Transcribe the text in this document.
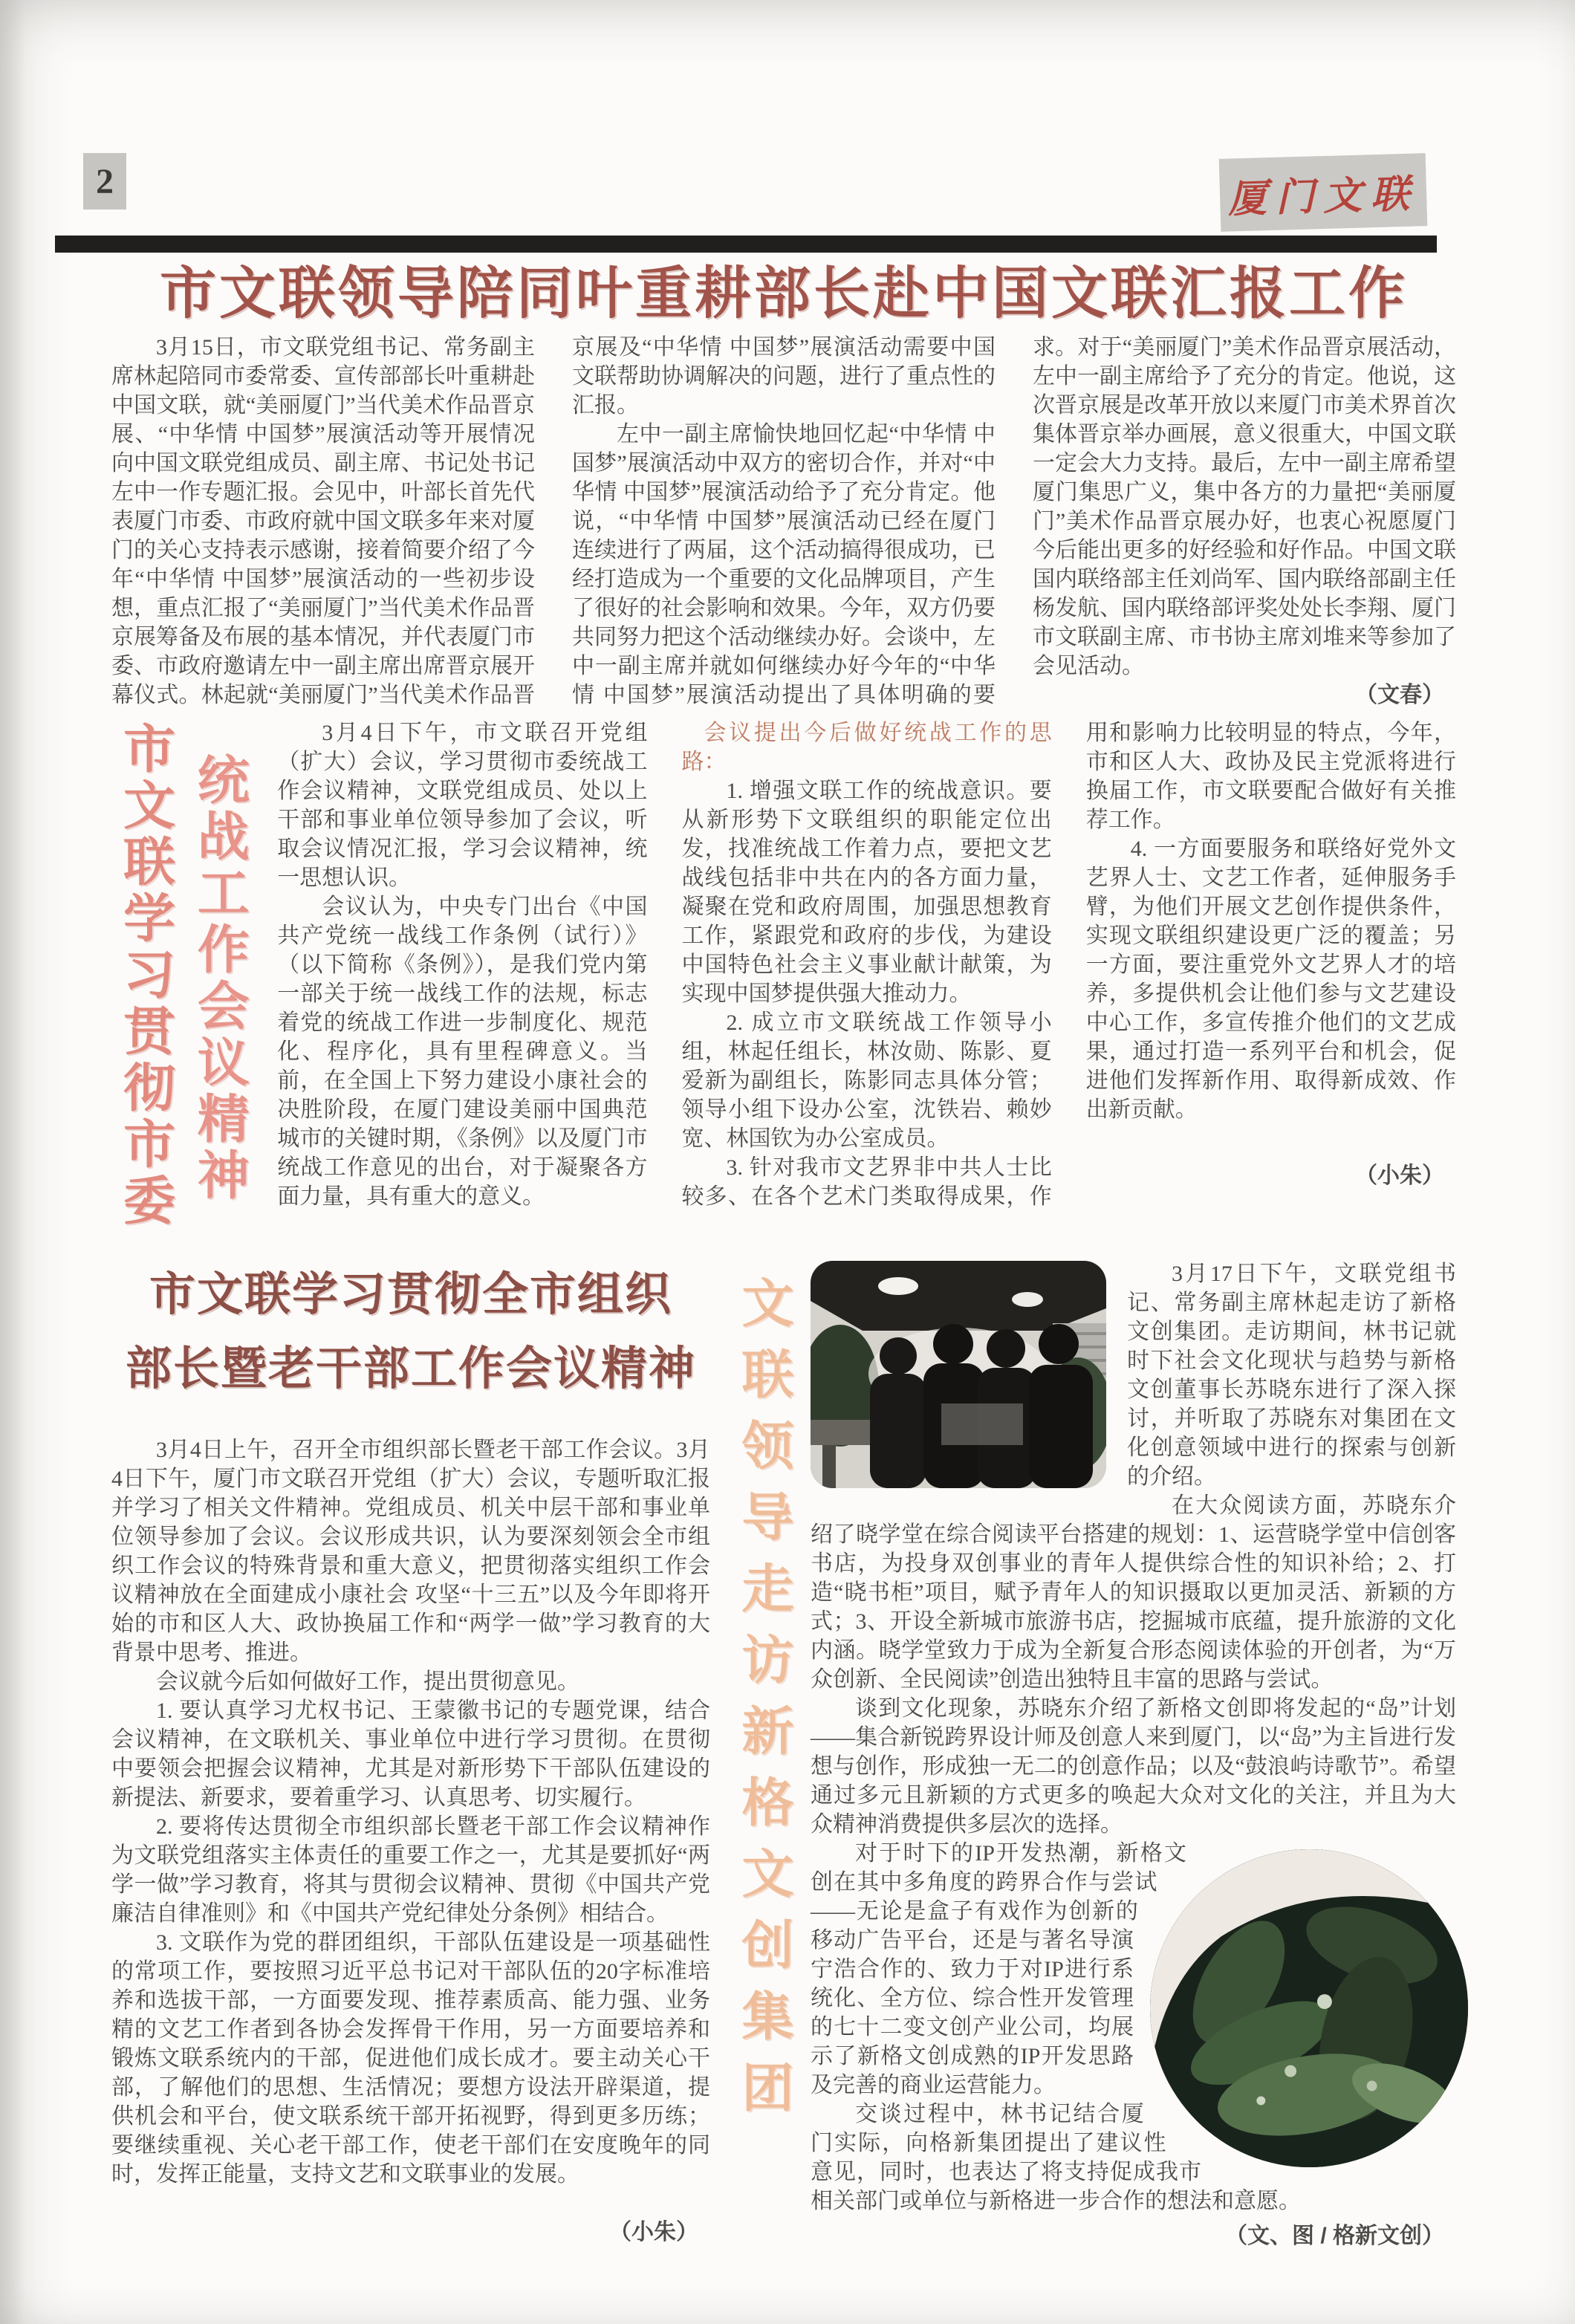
2	厦门文联
市文联领导陪同叶重耕部长赴中国文联汇报工作

3月15日，市文联党组书记、常务副主席林起陪同市委常委、宣传部部长叶重耕赴中国文联，就“美丽厦门”当代美术作品晋京展、“中华情 中国梦”展演活动等开展情况向中国文联党组成员、副主席、书记处书记左中一作专题汇报。会见中，叶部长首先代表厦门市委、市政府就中国文联多年来对厦门的关心支持表示感谢，接着简要介绍了今年“中华情 中国梦”展演活动的一些初步设想，重点汇报了“美丽厦门”当代美术作品晋京展筹备及布展的基本情况，并代表厦门市委、市政府邀请左中一副主席出席晋京展开幕仪式。林起就“美丽厦门”当代美术作品晋京展及“中华情 中国梦”展演活动需要中国文联帮助协调解决的问题，进行了重点性的汇报。

左中一副主席愉快地回忆起“中华情 中国梦”展演活动中双方的密切合作，并对“中华情 中国梦”展演活动给予了充分肯定。他说，“中华情 中国梦”展演活动已经在厦门连续进行了两届，这个活动搞得很成功，已经打造成为一个重要的文化品牌项目，产生了很好的社会影响和效果。今年，双方仍要共同努力把这个活动继续办好。会谈中，左中一副主席并就如何继续办好今年的“中华情 中国梦”展演活动提出了具体明确的要求。对于“美丽厦门”美术作品晋京展活动，左中一副主席给予了充分的肯定。他说，这次晋京展是改革开放以来厦门市美术界首次集体晋京举办画展，意义很重大，中国文联一定会大力支持。最后，左中一副主席希望厦门集思广义，集中各方的力量把“美丽厦门”美术作品晋京展办好，也衷心祝愿厦门今后能出更多的好经验和好作品。中国文联国内联络部主任刘尚军、国内联络部副主任杨发航、国内联络部评奖处处长李翔、厦门市文联副主席、市书协主席刘堆来等参加了会见活动。

（文春）

市文联学习贯彻市委 统战工作会议精神

3月4日下午，市文联召开党组（扩大）会议，学习贯彻市委统战工作会议精神，文联党组成员、处以上干部和事业单位领导参加了会议，听取会议情况汇报，学习会议精神，统一思想认识。

会议认为，中央专门出台《中国共产党统一战线工作条例（试行）》（以下简称《条例》），是我们党内第一部关于统一战线工作的法规，标志着党的统战工作进一步制度化、规范化、程序化，具有里程碑意义。当前，在全国上下努力建设小康社会的决胜阶段，在厦门建设美丽中国典范城市的关键时期，《条例》以及厦门市统战工作意见的出台，对于凝聚各方面力量，具有重大的意义。

会议提出今后做好统战工作的思路：

1. 增强文联工作的统战意识。要从新形势下文联组织的职能定位出发，找准统战工作着力点，要把文艺战线包括非中共在内的各方面力量，凝聚在党和政府周围，加强思想教育工作，紧跟党和政府的步伐，为建设中国特色社会主义事业献计献策，为实现中国梦提供强大推动力。

2. 成立市文联统战工作领导小组，林起任组长，林汝勋、陈影、夏爱新为副组长，陈影同志具体分管；领导小组下设办公室，沈铁岩、赖妙宽、林国钦为办公室成员。

3. 针对我市文艺界非中共人士比较多、在各个艺术门类取得成果，作用和影响力比较明显的特点，今年，市和区人大、政协及民主党派将进行换届工作，市文联要配合做好有关推荐工作。

4. 一方面要服务和联络好党外文艺界人士、文艺工作者，延伸服务手臂，为他们开展文艺创作提供条件，实现文联组织建设更广泛的覆盖；另一方面，要注重党外文艺界人才的培养，多提供机会让他们参与文艺建设中心工作，多宣传推介他们的文艺成果，通过打造一系列平台和机会，促进他们发挥新作用、取得新成效、作出新贡献。

（小朱）

市文联学习贯彻全市组织
部长暨老干部工作会议精神

3月4日上午，召开全市组织部长暨老干部工作会议。3月4日下午，厦门市文联召开党组（扩大）会议，专题听取汇报并学习了相关文件精神。党组成员、机关中层干部和事业单位领导参加了会议。会议形成共识，认为要深刻领会全市组织工作会议的特殊背景和重大意义，把贯彻落实组织工作会议精神放在全面建成小康社会 攻坚“十三五”以及今年即将开始的市和区人大、政协换届工作和“两学一做”学习教育的大背景中思考、推进。

会议就今后如何做好工作，提出贯彻意见。

1. 要认真学习尤权书记、王蒙徽书记的专题党课，结合会议精神，在文联机关、事业单位中进行学习贯彻。在贯彻中要领会把握会议精神，尤其是对新形势下干部队伍建设的新提法、新要求，要着重学习、认真思考、切实履行。

2. 要将传达贯彻全市组织部长暨老干部工作会议精神作为文联党组落实主体责任的重要工作之一，尤其是要抓好“两学一做”学习教育，将其与贯彻会议精神、贯彻《中国共产党廉洁自律准则》和《中国共产党纪律处分条例》相结合。

3. 文联作为党的群团组织，干部队伍建设是一项基础性的常项工作，要按照习近平总书记对干部队伍的20字标准培养和选拔干部，一方面要发现、推荐素质高、能力强、业务精的文艺工作者到各协会发挥骨干作用，另一方面要培养和锻炼文联系统内的干部，促进他们成长成才。要主动关心干部，了解他们的思想、生活情况；要想方设法开辟渠道，提供机会和平台，使文联系统干部开拓视野，得到更多历练；要继续重视、关心老干部工作，使老干部们在安度晚年的同时，发挥正能量，支持文艺和文联事业的发展。

（小朱）

文联领导走访新格文创集团

3月17日下午，文联党组书记、常务副主席林起走访了新格文创集团。走访期间，林书记就时下社会文化现状与趋势与新格文创董事长苏晓东进行了深入探讨，并听取了苏晓东对集团在文化创意领域中进行的探索与创新的介绍。

在大众阅读方面，苏晓东介绍了晓学堂在综合阅读平台搭建的规划：1、运营晓学堂中信创客书店，为投身双创事业的青年人提供综合性的知识补给；2、打造“晓书柜”项目，赋予青年人的知识摄取以更加灵活、新颖的方式；3、开设全新城市旅游书店，挖掘城市底蕴，提升旅游的文化内涵。晓学堂致力于成为全新复合形态阅读体验的开创者，为“万众创新、全民阅读”创造出独特且丰富的思路与尝试。

谈到文化现象，苏晓东介绍了新格文创即将发起的“岛”计划——集合新锐跨界设计师及创意人来到厦门，以“岛”为主旨进行发想与创作，形成独一无二的创意作品；以及“鼓浪屿诗歌节”。希望通过多元且新颖的方式更多的唤起大众对文化的关注，并且为大众精神消费提供多层次的选择。

对于时下的IP开发热潮，新格文创在其中多角度的跨界合作与尝试——无论是盒子有戏作为创新的移动广告平台，还是与著名导演宁浩合作的、致力于对IP进行系统化、全方位、综合性开发管理的七十二变文创产业公司，均展示了新格文创成熟的IP开发思路及完善的商业运营能力。

交谈过程中，林书记结合厦门实际，向格新集团提出了建议性意见，同时，也表达了将支持促成我市相关部门或单位与新格进一步合作的想法和意愿。

（文、图 / 格新文创）
